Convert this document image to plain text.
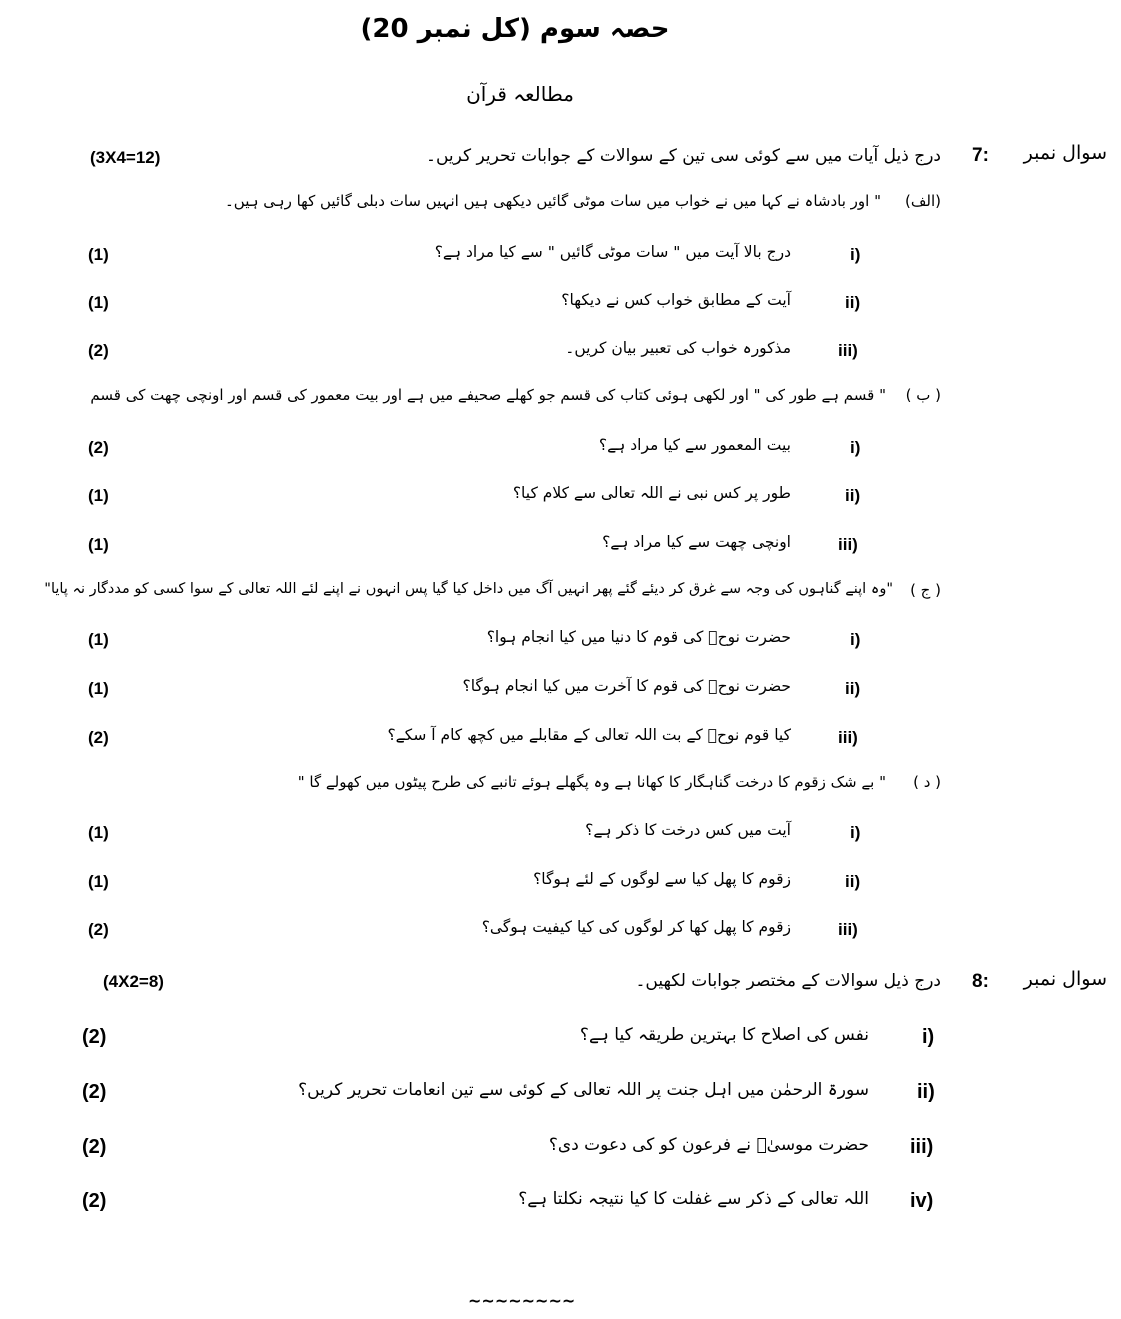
حصہ سوم (کل نمبر 20)
مطالعہ قرآن
سوال نمبر
7:
درج ذیل آیات میں سے کوئی سی تین کے سوالات کے جوابات تحریر کریں۔
(3X4=12)
(الف)
" اور بادشاہ نے کہا میں نے خواب میں سات موٹی گائیں دیکھی ہیں انہیں سات دبلی گائیں کھا رہی ہیں۔
i)
درج بالا آیت میں " سات موٹی گائیں " سے کیا مراد ہے؟
(1)
ii)
آیت کے مطابق خواب کس نے دیکھا؟
(1)
iii)
مذکورہ خواب کی تعبیر بیان کریں۔
(2)
( ب )
" قسم ہے طور کی " اور لکھی ہوئی کتاب کی قسم جو کھلے صحیفے میں ہے اور بیت معمور کی قسم اور اونچی چھت کی قسم
i)
بیت المعمور سے کیا مراد ہے؟
(2)
ii)
طور پر کس نبی نے اللہ تعالی سے کلام کیا؟
(1)
iii)
اونچی چھت سے کیا مراد ہے؟
(1)
( ج )
"وہ اپنے گناہوں کی وجہ سے غرق کر دیئے گئے پھر انہیں آگ میں داخل کیا گیا پس انہوں نے اپنے لئے اللہ تعالی کے سوا کسی کو مددگار نہ پایا"
i)
حضرت نوحؑ کی قوم کا دنیا میں کیا انجام ہوا؟
(1)
ii)
حضرت نوحؑ کی قوم کا آخرت میں کیا انجام ہوگا؟
(1)
iii)
کیا قوم نوحؑ کے بت اللہ تعالی کے مقابلے میں کچھ کام آ سکے؟
(2)
( د )
" بے شک زقوم کا درخت گناہگار کا کھانا ہے وہ پگھلے ہوئے تانبے کی طرح پیٹوں میں کھولے گا "
i)
آیت میں کس درخت کا ذکر ہے؟
(1)
ii)
زقوم کا پھل کیا سے لوگوں کے لئے ہوگا؟
(1)
iii)
زقوم کا پھل کھا کر لوگوں کی کیا کیفیت ہوگی؟
(2)
سوال نمبر
8:
درج ذیل سوالات کے مختصر جوابات لکھیں۔
(4X2=8)
i)
نفس کی اصلاح کا بہترین طریقہ کیا ہے؟
(2)
ii)
سورۃ الرحمٰن میں اہل جنت پر اللہ تعالی کے کوئی سے تین انعامات تحریر کریں؟
(2)
iii)
حضرت موسیٰؑ نے فرعون کو کی دعوت دی؟
(2)
iv)
اللہ تعالی کے ذکر سے غفلت کا کیا نتیجہ نکلتا ہے؟
(2)
~~~~~~~~
